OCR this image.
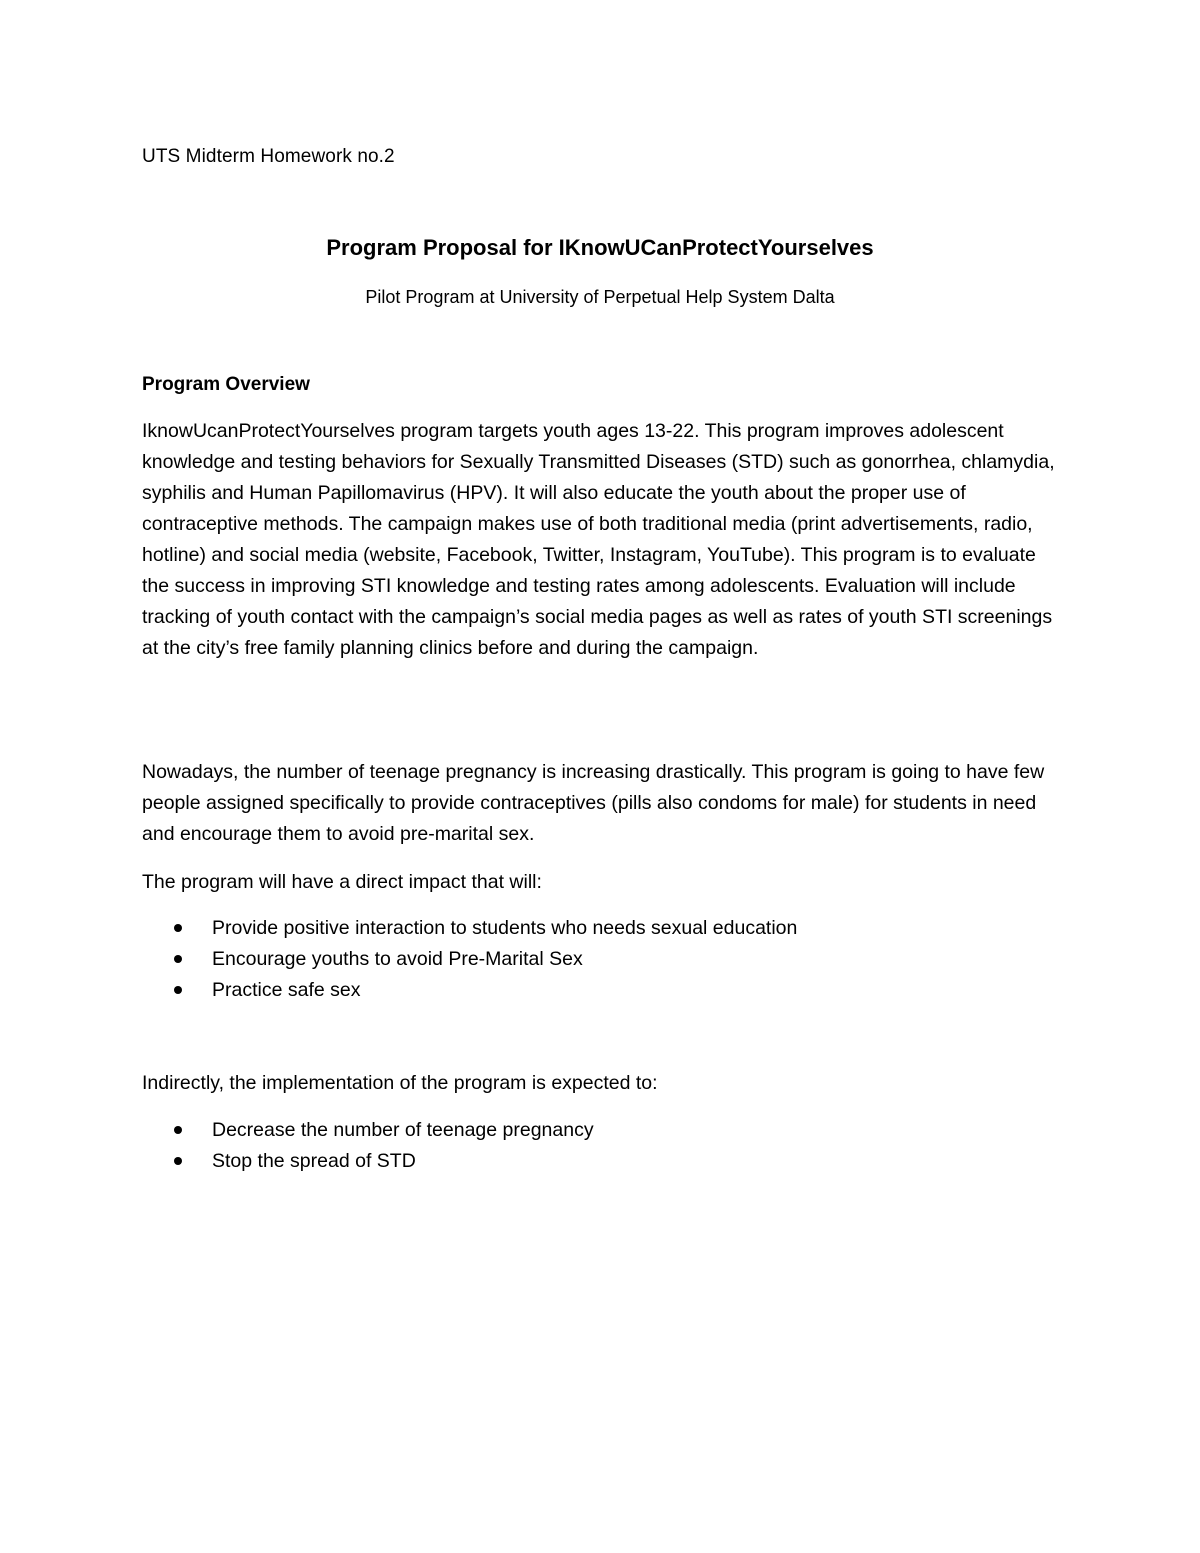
UTS Midterm Homework no.2
Program Proposal for IKnowUCanProtectYourselves
Pilot Program at University of Perpetual Help System Dalta
Program Overview

IknowUcanProtectYourselves program targets youth ages 13-22. This program improves adolescent knowledge and testing behaviors for Sexually Transmitted Diseases (STD) such as gonorrhea, chlamydia, syphilis and Human Papillomavirus (HPV). It will also educate the youth about the proper use of contraceptive methods. The campaign makes use of both traditional media (print advertisements, radio, hotline) and social media (website, Facebook, Twitter, Instagram, YouTube). This program is to evaluate the success in improving STI knowledge and testing rates among adolescents. Evaluation will include tracking of youth contact with the campaign’s social media pages as well as rates of youth STI screenings at the city’s free family planning clinics before and during the campaign.

Nowadays, the number of teenage pregnancy is increasing drastically. This program is going to have few people assigned specifically to provide contraceptives (pills also condoms for male) for students in need and encourage them to avoid pre-marital sex.

The program will have a direct impact that will:

Provide positive interaction to students who needs sexual education
Encourage youths to avoid Pre-Marital Sex
Practice safe sex

Indirectly, the implementation of the program is expected to:

Decrease the number of teenage pregnancy
Stop the spread of STD
